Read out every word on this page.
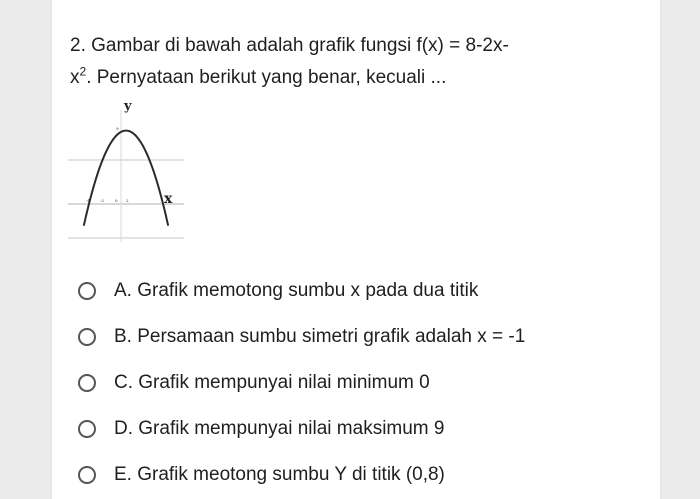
2. Gambar di bawah adalah grafik fungsi f(x) = 8-2x-
$x^2$. Pernyataan berikut yang benar, kecuali ...
y
x
9
-4	-2	0 2
A. Grafik memotong sumbu x pada dua titik
B. Persamaan sumbu simetri grafik adalah x = -1
C. Grafik mempunyai nilai minimum 0
D. Grafik mempunyai nilai maksimum 9
E. Grafik meotong sumbu Y di titik (0,8)
